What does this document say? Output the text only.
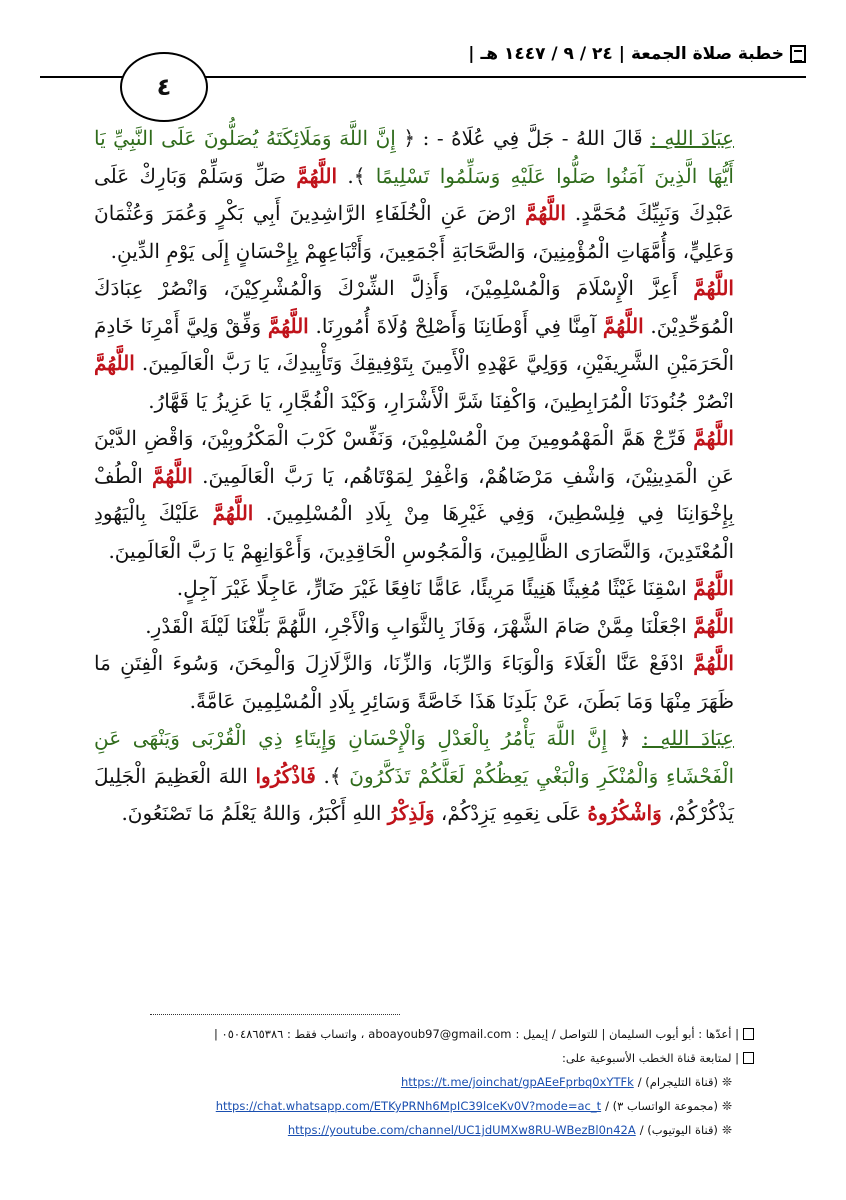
خطبة صلاة الجمعة
|
٢٤ / ٩ / ١٤٤٧ هـ
|
٤

عِبَادَ اللهِ : قَالَ اللهُ - جَلَّ فِي عُلَاهُ - : ﴿ إِنَّ اللَّهَ وَمَلَائِكَتَهُ يُصَلُّونَ عَلَى النَّبِيِّ يَا أَيُّهَا الَّذِينَ آمَنُوا صَلُّوا عَلَيْهِ وَسَلِّمُوا تَسْلِيمًا ﴾. اللَّهُمَّ صَلِّ وَسَلِّمْ وَبَارِكْ عَلَى عَبْدِكَ وَنَبِيِّكَ مُحَمَّدٍ. اللَّهُمَّ ارْضَ عَنِ الْخُلَفَاءِ الرَّاشِدِينَ أَبِي بَكْرٍ وَعُمَرَ وَعُثْمَانَ وَعَلِيٍّ، وَأُمَّهَاتِ الْمُؤْمِنِينَ، وَالصَّحَابَةِ أَجْمَعِينَ، وَأَتْبَاعِهِمْ بِإِحْسَانٍ إِلَى يَوْمِ الدِّينِ.

اللَّهُمَّ أَعِزَّ الْإِسْلَامَ وَالْمُسْلِمِيْنَ، وَأَذِلَّ الشِّرْكَ وَالْمُشْرِكِيْنَ، وَانْصُرْ عِبَادَكَ الْمُوَحِّدِيْنَ. اللَّهُمَّ آمِنَّا فِي أَوْطَانِنَا وَأَصْلِحْ وُلَاةَ أُمُورِنَا. اللَّهُمَّ وَفِّقْ وَلِيَّ أَمْرِنَا خَادِمَ الْحَرَمَيْنِ الشَّرِيفَيْنِ، وَوَلِيَّ عَهْدِهِ الْأَمِينَ بِتَوْفِيقِكَ وَتَأْيِيدِكَ، يَا رَبَّ الْعَالَمِينَ. اللَّهُمَّ انْصُرْ جُنُودَنَا الْمُرَابِطِينَ، وَاكْفِنَا شَرَّ الْأَشْرَارِ، وَكَيْدَ الْفُجَّارِ، يَا عَزِيزُ يَا قَهَّارُ.

اللَّهُمَّ فَرِّجْ هَمَّ الْمَهْمُومِينَ مِنَ الْمُسْلِمِيْنَ، وَنَفِّسْ كَرْبَ الْمَكْرُوبِيْنَ، وَاقْضِ الدَّيْنَ عَنِ الْمَدِينِيْنَ، وَاشْفِ مَرْضَاهُمْ، وَاغْفِرْ لِمَوْتَاهُم، يَا رَبَّ الْعَالَمِينَ. اللَّهُمَّ الْطُفْ بِإِخْوَانِنَا فِي فِلِسْطِينَ، وَفِي غَيْرِهَا مِنْ بِلَادِ الْمُسْلِمِينَ. اللَّهُمَّ عَلَيْكَ بِالْيَهُودِ الْمُعْتَدِينَ، وَالنَّصَارَى الظَّالِمِينَ، وَالْمَجُوسِ الْحَاقِدِينَ، وَأَعْوَانِهِمْ يَا رَبَّ الْعَالَمِينَ.

اللَّهُمَّ اسْقِنَا غَيْثًا مُغِيثًا هَنِيئًا مَرِيئًا، عَامًّا نَافِعًا غَيْرَ ضَارٍّ، عَاجِلًا غَيْرَ آجِلٍ.

اللَّهُمَّ اجْعَلْنَا مِمَّنْ صَامَ الشَّهْرَ، وَفَازَ بِالثَّوَابِ وَالْأَجْرِ، اللَّهُمَّ بَلِّغْنَا لَيْلَةَ الْقَدْرِ.

اللَّهُمَّ ادْفَعْ عَنَّا الْغَلَاءَ وَالْوَبَاءَ وَالرِّبَا، وَالزِّنَا، وَالزَّلَازِلَ وَالْمِحَنَ، وَسُوءَ الْفِتَنِ مَا ظَهَرَ مِنْهَا وَمَا بَطَنَ، عَنْ بَلَدِنَا هَذَا خَاصَّةً وَسَائِرِ بِلَادِ الْمُسْلِمِينَ عَامَّةً.

عِبَادَ اللهِ : ﴿ إِنَّ اللَّهَ يَأْمُرُ بِالْعَدْلِ وَالْإِحْسَانِ وَإِيتَاءِ ذِي الْقُرْبَى وَيَنْهَى عَنِ الْفَحْشَاءِ وَالْمُنْكَرِ وَالْبَغْيِ يَعِظُكُمْ لَعَلَّكُمْ تَذَكَّرُونَ ﴾. فَاذْكُرُوا اللهَ الْعَظِيمَ الْجَلِيلَ يَذْكُرْكُمْ، وَاشْكُرُوهُ عَلَى نِعَمِهِ يَزِدْكُمْ، وَلَذِكْرُ اللهِ أَكْبَرُ، وَاللهُ يَعْلَمُ مَا تَصْنَعُونَ.

| أعدّها : أبو أيوب السليمان | للتواصل / إيميل :
aboayoub97@gmail.com
، واتساب فقط : ٠٥٠٤٨٦٥٣٨٦ |
| لمتابعة قناة الخطب الأسبوعية على:
❊
(قناة التليجرام) /
https://t.me/joinchat/gpAEeFprbq0xYTFk
❊
(مجموعة الواتساب ٣) /
https://chat.whatsapp.com/ETKyPRNh6MpIC39lceKv0V?mode=ac_t
❊
(قناة اليوتيوب) /
https://youtube.com/channel/UC1jdUMXw8RU-WBezBl0n42A
